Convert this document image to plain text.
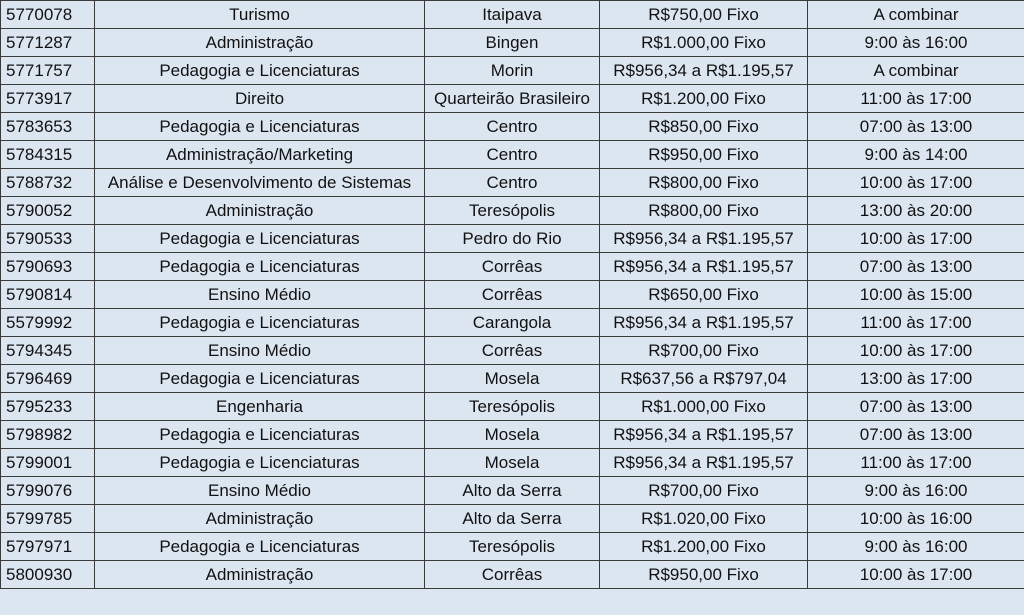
5770078	Turismo	Itaipava	R$750,00 Fixo	A combinar
5771287	Administração	Bingen	R$1.000,00 Fixo	9:00 às 16:00
5771757	Pedagogia e Licenciaturas	Morin	R$956,34 a R$1.195,57	A combinar
5773917	Direito	Quarteirão Brasileiro	R$1.200,00 Fixo	11:00 às 17:00
5783653	Pedagogia e Licenciaturas	Centro	R$850,00 Fixo	07:00 às 13:00
5784315	Administração/Marketing	Centro	R$950,00 Fixo	9:00 às 14:00
5788732	Análise e Desenvolvimento de Sistemas	Centro	R$800,00 Fixo	10:00 às 17:00
5790052	Administração	Teresópolis	R$800,00 Fixo	13:00 às 20:00
5790533	Pedagogia e Licenciaturas	Pedro do Rio	R$956,34 a R$1.195,57	10:00 às 17:00
5790693	Pedagogia e Licenciaturas	Corrêas	R$956,34 a R$1.195,57	07:00 às 13:00
5790814	Ensino Médio	Corrêas	R$650,00 Fixo	10:00 às 15:00
5579992	Pedagogia e Licenciaturas	Carangola	R$956,34 a R$1.195,57	11:00 às 17:00
5794345	Ensino Médio	Corrêas	R$700,00 Fixo	10:00 às 17:00
5796469	Pedagogia e Licenciaturas	Mosela	R$637,56 a R$797,04	13:00 às 17:00
5795233	Engenharia	Teresópolis	R$1.000,00 Fixo	07:00 às 13:00
5798982	Pedagogia e Licenciaturas	Mosela	R$956,34 a R$1.195,57	07:00 às 13:00
5799001	Pedagogia e Licenciaturas	Mosela	R$956,34 a R$1.195,57	11:00 às 17:00
5799076	Ensino Médio	Alto da Serra	R$700,00 Fixo	9:00 às 16:00
5799785	Administração	Alto da Serra	R$1.020,00 Fixo	10:00 às 16:00
5797971	Pedagogia e Licenciaturas	Teresópolis	R$1.200,00 Fixo	9:00 às 16:00
5800930	Administração	Corrêas	R$950,00 Fixo	10:00 às 17:00
